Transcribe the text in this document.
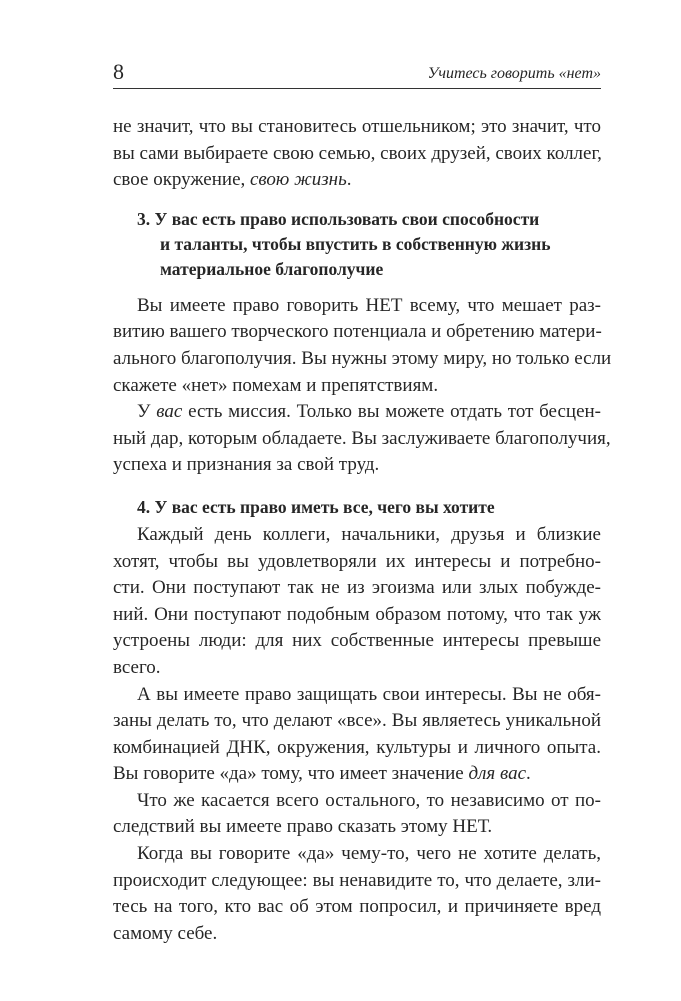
8	Учитесь говорить «нет»
не значит, что вы становитесь отшельником; это значит, что
вы сами выбираете свою семью, своих друзей, своих коллег,
свое окружение, свою жизнь.
3. У вас есть право использовать свои способности
и таланты, чтобы впустить в собственную жизнь
материальное благополучие
Вы имеете право говорить НЕТ всему, что мешает раз-
витию вашего творческого потенциала и обретению матери-
ального благополучия. Вы нужны этому миру, но только если
скажете «нет» помехам и препятствиям.
У вас есть миссия. Только вы можете отдать тот бесцен-
ный дар, которым обладаете. Вы заслуживаете благополучия,
успеха и признания за свой труд.
4. У вас есть право иметь все, чего вы хотите
Каждый день коллеги, начальники, друзья и близкие
хотят, чтобы вы удовлетворяли их интересы и потребно-
сти. Они поступают так не из эгоизма или злых побужде-
ний. Они поступают подобным образом потому, что так уж
устроены люди: для них собственные интересы превыше
всего.
А вы имеете право защищать свои интересы. Вы не обя-
заны делать то, что делают «все». Вы являетесь уникальной
комбинацией ДНК, окружения, культуры и личного опыта.
Вы говорите «да» тому, что имеет значение для вас.
Что же касается всего остального, то независимо от по-
следствий вы имеете право сказать этому НЕТ.
Когда вы говорите «да» чему-то, чего не хотите делать,
происходит следующее: вы ненавидите то, что делаете, зли-
тесь на того, кто вас об этом попросил, и причиняете вред
самому себе.
